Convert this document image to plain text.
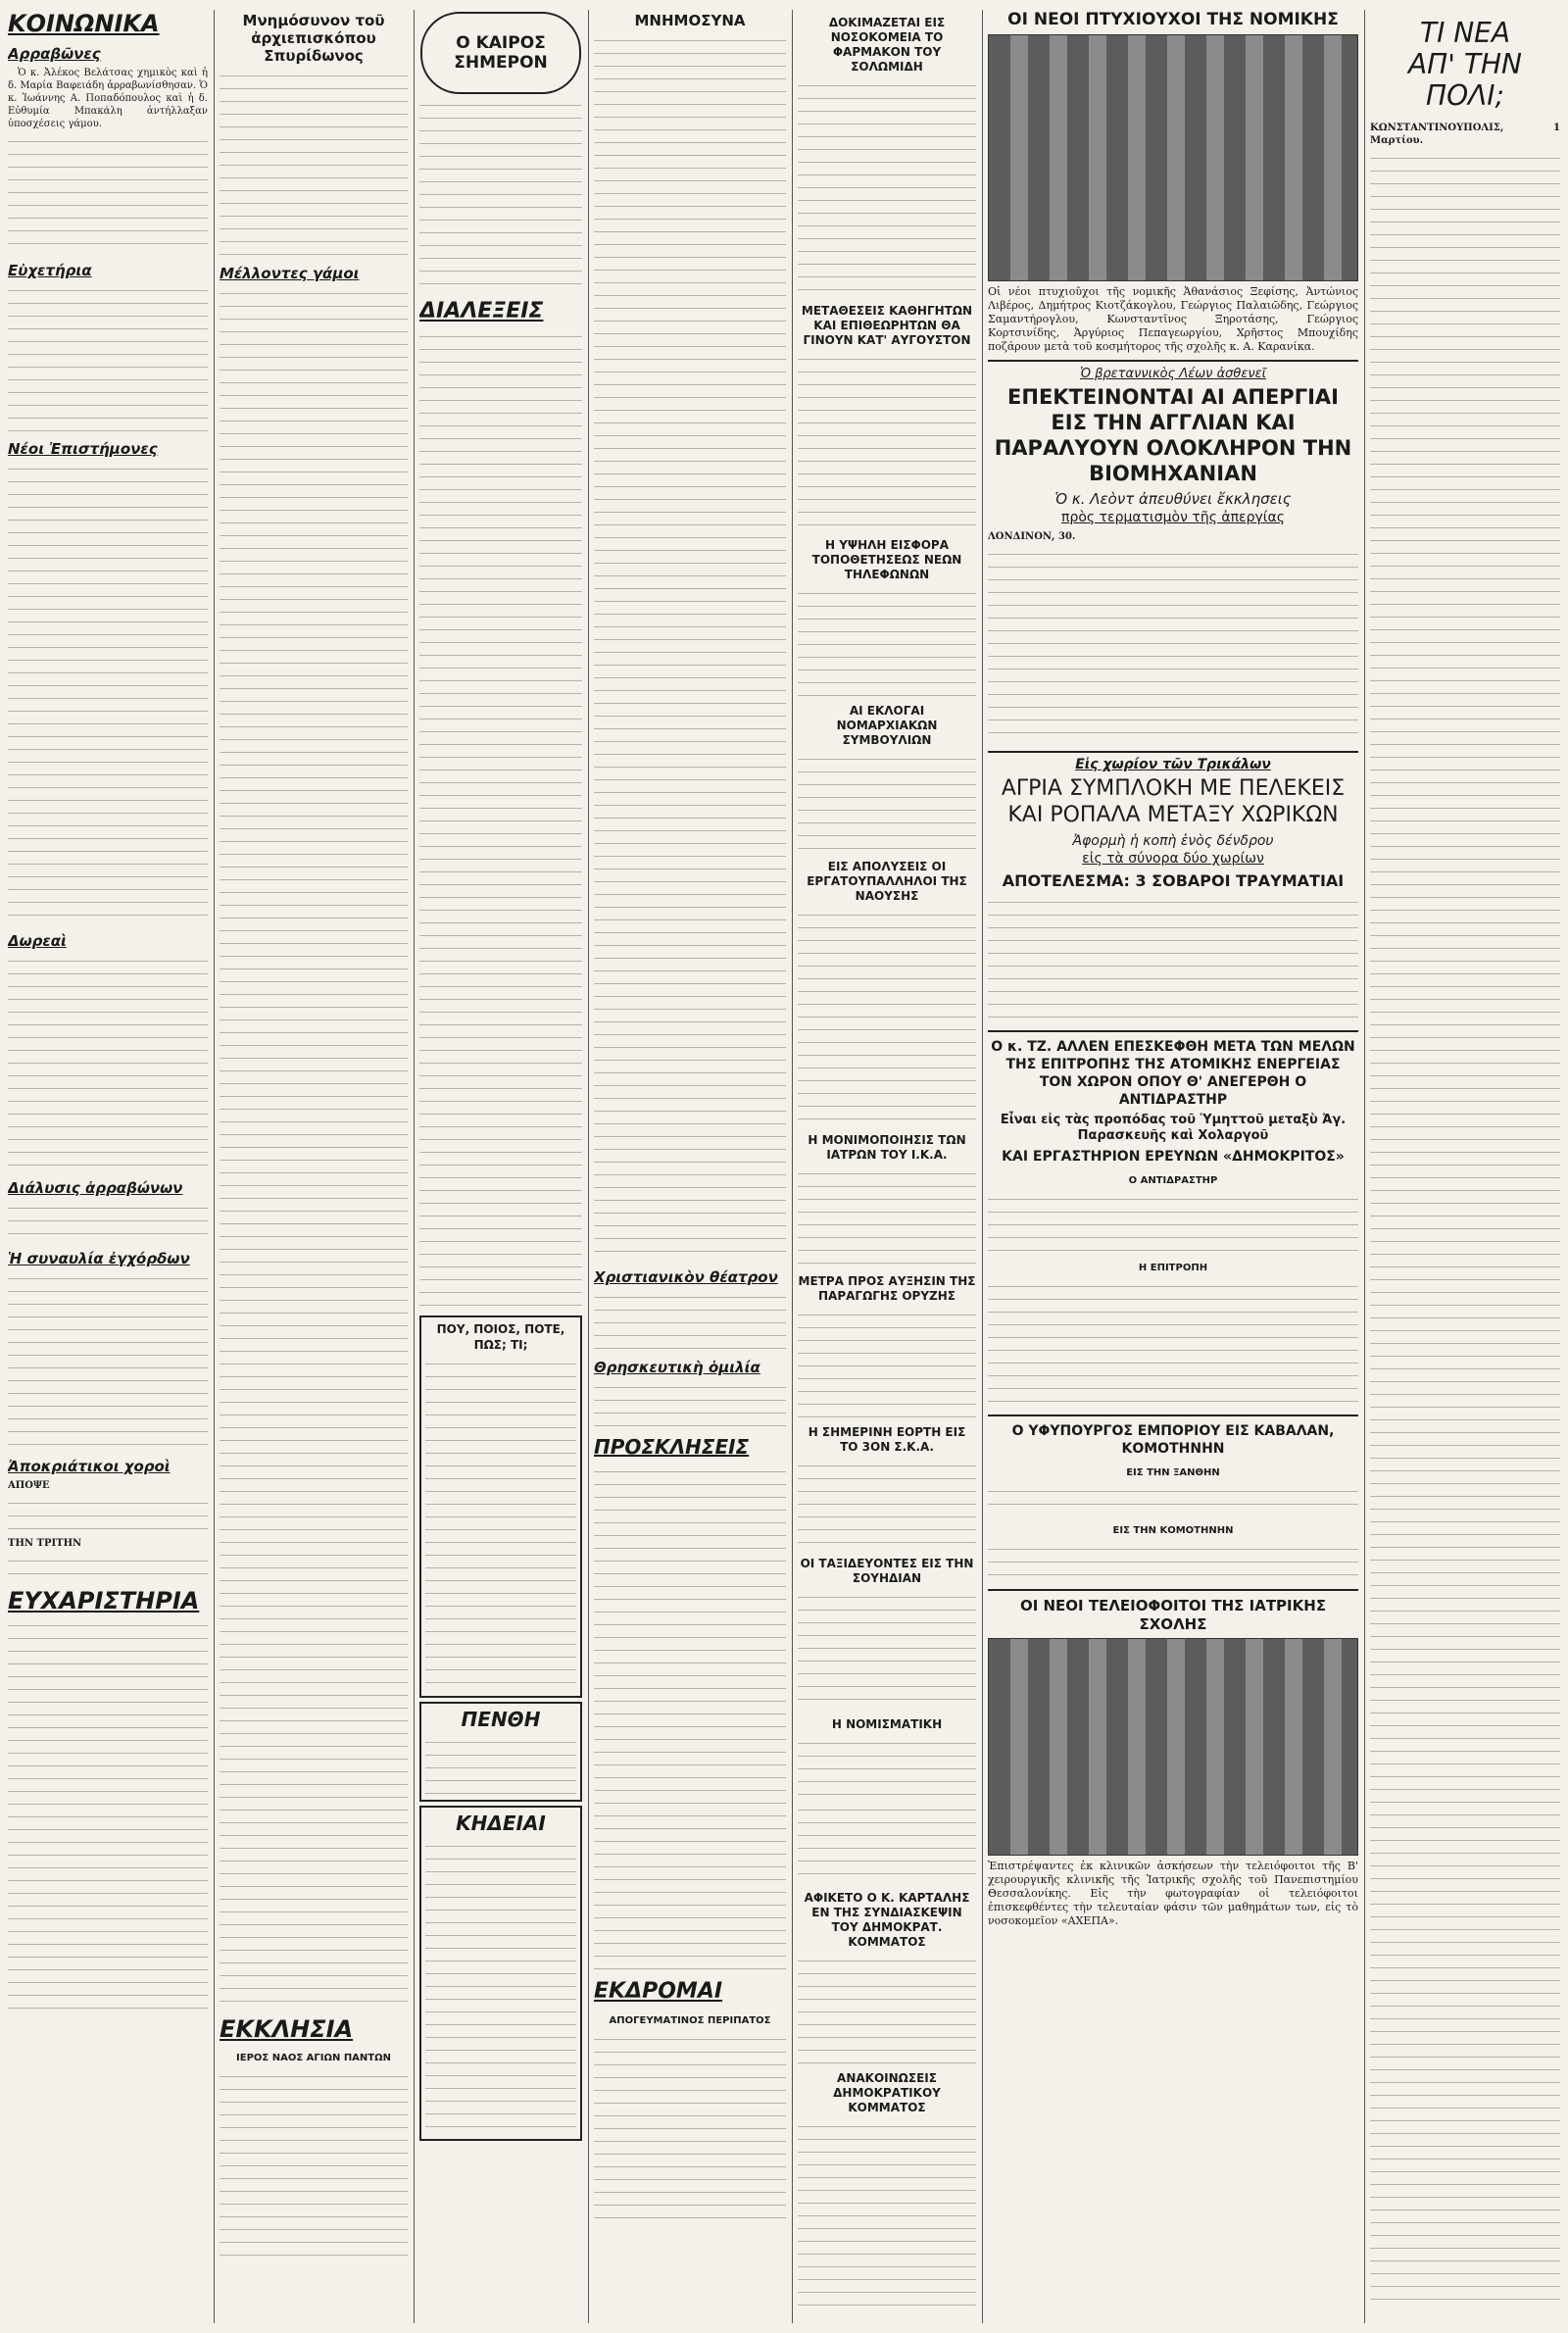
ΚΟΙΝΩΝΙΚΑ
Αρραβῶνες

Ὁ κ. Ἀλέκος Βελάτσας χημικὸς καὶ ἡ δ. Μαρία Βαφειάδη ἀρραβωνίσθησαν. Ὁ κ. Ἰωάννης Α. Ποπαδόπουλος καὶ ἡ δ. Εὐθυμία Μπακάλη ἀντήλλαξαν ὑποσχέσεις γάμου.

Εὐχετήρια
Νέοι Ἐπιστήμονες
Δωρεαὶ
Διάλυσις ἀρραβώνων
Ἡ συναυλία ἐγχόρδων
Ἀποκριάτικοι χοροὶ
ΑΠΟΨΕ
ΤΗΝ ΤΡΙΤΗΝ
ΕΥΧΑΡΙΣΤΗΡΙΑ
Μνημόσυνον τοῦ ἀρχιεπισκόπου Σπυρίδωνος
Μέλλοντες γάμοι
ΕΚΚΛΗΣΙΑ
ΙΕΡΟΣ ΝΑΟΣ ΑΓΙΩΝ ΠΑΝΤΩΝ
Ο ΚΑΙΡΟΣ
ΣΗΜΕΡΟΝ
ΔΙΑΛΕΞΕΙΣ
ΠΟΥ, ΠΟΙΟΣ, ΠΟΤΕ, ΠΩΣ; ΤΙ;
ΠΕΝΘΗ
ΚΗΔΕΙΑΙ
ΜΝΗΜΟΣΥΝΑ
Χριστιανικὸν θέατρον
Θρησκευτικὴ ὁμιλία
ΠΡΟΣΚΛΗΣΕΙΣ
ΕΚΔΡΟΜΑΙ
ΑΠΟΓΕΥΜΑΤΙΝΟΣ ΠΕΡΙΠΑΤΟΣ
ΔΟΚΙΜΑΖΕΤΑΙ ΕΙΣ ΝΟΣΟΚΟΜΕΙΑ ΤΟ ΦΑΡΜΑΚΟΝ ΤΟΥ ΣΟΛΩΜΙΔΗ
ΜΕΤΑΘΕΣΕΙΣ ΚΑΘΗΓΗΤΩΝ ΚΑΙ ΕΠΙΘΕΩΡΗΤΩΝ ΘΑ ΓΙΝΟΥΝ ΚΑΤ' ΑΥΓΟΥΣΤΟΝ
Η ΥΨΗΛΗ ΕΙΣΦΟΡΑ ΤΟΠΟΘΕΤΗΣΕΩΣ ΝΕΩΝ ΤΗΛΕΦΩΝΩΝ
ΑΙ ΕΚΛΟΓΑΙ ΝΟΜΑΡΧΙΑΚΩΝ ΣΥΜΒΟΥΛΙΩΝ
ΕΙΣ ΑΠΟΛΥΣΕΙΣ ΟΙ ΕΡΓΑΤΟΥΠΑΛΛΗΛΟΙ ΤΗΣ ΝΑΟΥΣΗΣ
Η ΜΟΝΙΜΟΠΟΙΗΣΙΣ ΤΩΝ ΙΑΤΡΩΝ ΤΟΥ Ι.Κ.Α.
ΜΕΤΡΑ ΠΡΟΣ ΑΥΞΗΣΙΝ ΤΗΣ ΠΑΡΑΓΩΓΗΣ ΟΡΥΖΗΣ
Η ΣΗΜΕΡΙΝΗ ΕΟΡΤΗ ΕΙΣ ΤΟ 3ΟΝ Σ.Κ.Α.
ΟΙ ΤΑΞΙΔΕΥΟΝΤΕΣ ΕΙΣ ΤΗΝ ΣΟΥΗΔΙΑΝ
Η ΝΟΜΙΣΜΑΤΙΚΗ
ΑΦΙΚΕΤΟ Ο Κ. ΚΑΡΤΑΛΗΣ ΕΝ ΤΗΣ ΣΥΝΔΙΑΣΚΕΨΙΝ ΤΟΥ ΔΗΜΟΚΡΑΤ. ΚΟΜΜΑΤΟΣ
ΑΝΑΚΟΙΝΩΣΕΙΣ ΔΗΜΟΚΡΑΤΙΚΟΥ ΚΟΜΜΑΤΟΣ
ΟΙ ΝΕΟΙ ΠΤΥΧΙΟΥΧΟΙ ΤΗΣ ΝΟΜΙΚΗΣ
Οἱ νέοι πτυχιοῦχοι τῆς νομικῆς Ἀθανάσιος Ξεφίσης, Ἀντώνιος Λιβέρος, Δημήτρος Κιοτζάκογλου, Γεώργιος Παλαιῶδης, Γεώργιος Σαμαντήρογλου, Κωνσταντῖνος Ξηροτάσης, Γεώργιος Κορτσινίδης, Ἀργύριος Πεπαγεωργίου, Χρῆστος Μπουχίδης ποζάρουν μετὰ τοῦ κοσμήτορος τῆς σχολῆς κ. Α. Καρανίκα.
Ὁ βρεταννικὸς Λέων ἀσθενεῖ
ΕΠΕΚΤΕΙΝΟΝΤΑΙ ΑΙ ΑΠΕΡΓΙΑΙ ΕΙΣ ΤΗΝ ΑΓΓΛΙΑΝ ΚΑΙ ΠΑΡΑΛΥΟΥΝ ΟΛΟΚΛΗΡΟΝ ΤΗΝ ΒΙΟΜΗΧΑΝΙΑΝ
Ὁ κ. Λεὸντ ἀπευθύνει ἔκκλησεις
πρὸς τερματισμὸν τῆς ἀπεργίας
ΛΟΝΔΙΝΟΝ, 30.
Εἰς χωρίον τῶν Τρικάλων
ΑΓΡΙΑ ΣΥΜΠΛΟΚΗ ΜΕ ΠΕΛΕΚΕΙΣ ΚΑΙ ΡΟΠΑΛΑ ΜΕΤΑΞΥ ΧΩΡΙΚΩΝ
Ἀφορμὴ ἡ κοπὴ ἑνὸς δένδρου
εἰς τὰ σύνορα δύο χωρίων
ΑΠΟΤΕΛΕΣΜΑ: 3 ΣΟΒΑΡΟΙ ΤΡΑΥΜΑΤΙΑΙ
Ο κ. ΤΖ. ΑΛΛΕΝ ΕΠΕΣΚΕΦΘΗ ΜΕΤΑ ΤΩΝ ΜΕΛΩΝ ΤΗΣ ΕΠΙΤΡΟΠΗΣ ΤΗΣ ΑΤΟΜΙΚΗΣ ΕΝΕΡΓΕΙΑΣ ΤΟΝ ΧΩΡΟΝ ΟΠΟΥ Θ' ΑΝΕΓΕΡΘΗ Ο ΑΝΤΙΔΡΑΣΤΗΡ
Εἶναι εἰς τὰς προπόδας τοῦ Ὑμηττοῦ μεταξὺ Ἀγ. Παρασκευῆς καὶ Χολαργοῦ
ΚΑΙ ΕΡΓΑΣΤΗΡΙΟΝ ΕΡΕΥΝΩΝ «ΔΗΜΟΚΡΙΤΟΣ»
Ο ΑΝΤΙΔΡΑΣΤΗΡ
Η ΕΠΙΤΡΟΠΗ
Ο ΥΦΥΠΟΥΡΓΟΣ ΕΜΠΟΡΙΟΥ ΕΙΣ ΚΑΒΑΛΑΝ, ΚΟΜΟΤΗΝΗΝ
ΕΙΣ ΤΗΝ ΞΑΝΘΗΝ
ΕΙΣ ΤΗΝ ΚΟΜΟΤΗΝΗΝ
ΟΙ ΝΕΟΙ ΤΕΛΕΙΟΦΟΙΤΟΙ ΤΗΣ ΙΑΤΡΙΚΗΣ ΣΧΟΛΗΣ
Ἐπιστρέψαντες ἐκ κλινικῶν ἀσκήσεων τὴν τελειόφοιτοι τῆς Β' χειρουργικῆς κλινικῆς τῆς Ἰατρικῆς σχολῆς τοῦ Πανεπιστημίου Θεσσαλονίκης. Εἰς τὴν φωτογραφίαν οἱ τελειόφοιτοι ἐπισκεφθέντες τὴν τελευταίαν φάσιν τῶν μαθημάτων των, εἰς τὸ νοσοκομεῖον «ΑΧΕΠΑ».
ΤΙ ΝΕΑ
ΑΠ' ΤΗΝ
ΠΟΛΙ;
ΚΩΝΣΤΑΝΤΙΝΟΥΠΟΛΙΣ, 1 Μαρτίου.
